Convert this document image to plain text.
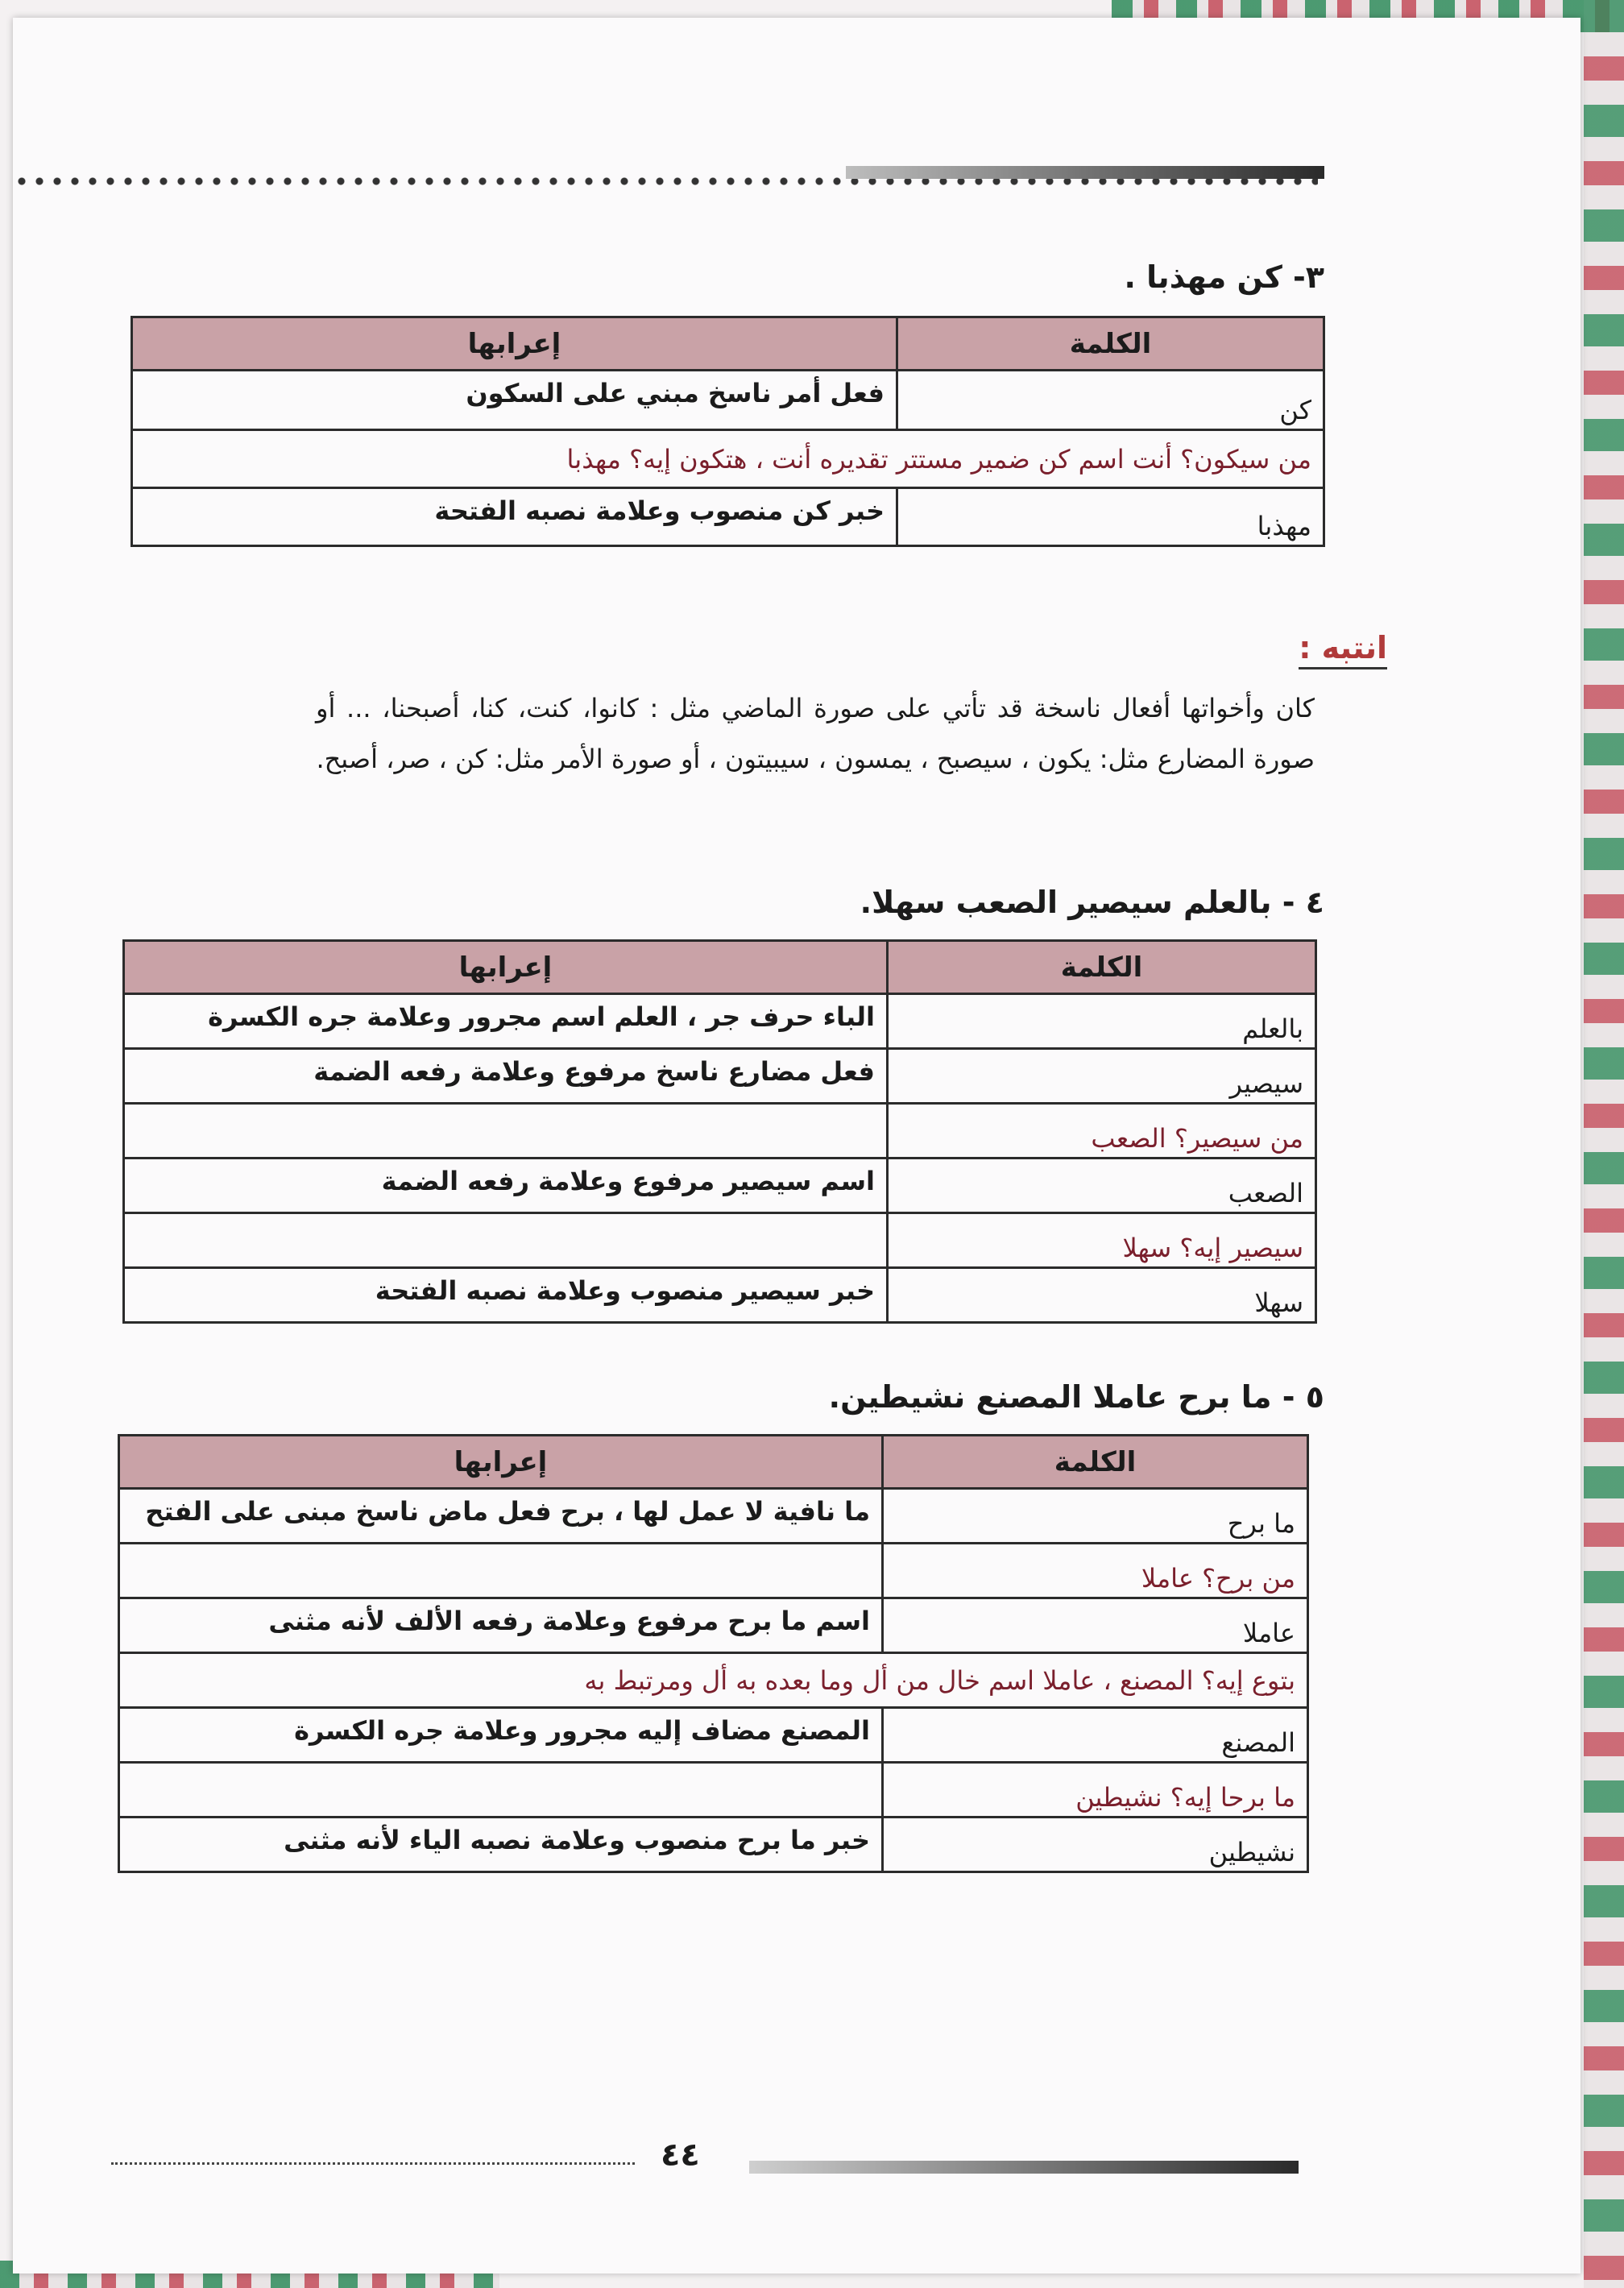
٣- كن مهذبا .
الكلمة	إعرابها
كن	فعل أمر ناسخ مبني على السكون
من سيكون؟ أنت اسم كن ضمير مستتر تقديره أنت ، هتكون إيه؟ مهذبا	
مهذبا	خبر كن منصوب وعلامة نصبه الفتحة
انتبه :
كان وأخواتها أفعال ناسخة قد تأتي على صورة الماضي مثل : كانوا، كنت، كنا، أصبحنا، ... أو صورة المضارع مثل: يكون ، سيصبح ، يمسون ، سيبيتون ، أو صورة الأمر مثل: كن ، صر، أصبح.
٤ - بالعلم سيصير الصعب سهلا.
الكلمة	إعرابها
بالعلم	الباء حرف جر ، العلم اسم مجرور وعلامة جره الكسرة
سيصير	فعل مضارع ناسخ مرفوع وعلامة رفعه الضمة
من سيصير؟ الصعب	
الصعب	اسم سيصير مرفوع وعلامة رفعه الضمة
سيصير إيه؟ سهلا	
سهلا	خبر سيصير منصوب وعلامة نصبه الفتحة
٥ - ما برح عاملا المصنع نشيطين.
الكلمة	إعرابها
ما برح	ما نافية لا عمل لها ، برح فعل ماض ناسخ مبنى على الفتح
من برح؟ عاملا	
عاملا	اسم ما برح مرفوع وعلامة رفعه الألف لأنه مثنى
بتوع إيه؟ المصنع ، عاملا اسم خال من أل وما بعده به أل ومرتبط به	
المصنع	المصنع مضاف إليه مجرور وعلامة جره الكسرة
ما برحا إيه؟ نشيطين	
نشيطين	خبر ما برح منصوب وعلامة نصبه الياء لأنه مثنى
٤٤
